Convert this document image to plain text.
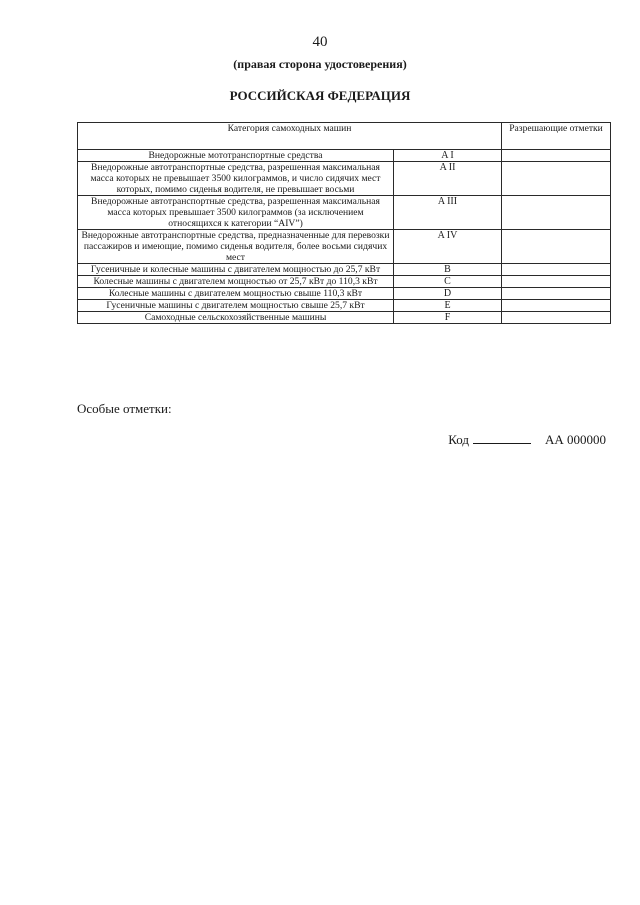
40
(правая сторона удостоверения)
РОССИЙСКАЯ ФЕДЕРАЦИЯ
Категория самоходных машин		Разрешающие отметки
Внедорожные мототранспортные средства	A I	
Внедорожные автотранспортные средства, разрешенная максимальная масса которых не превышает 3500 килограммов, и число сидячих мест которых, помимо сиденья водителя, не превышает восьми	A II	
Внедорожные автотранспортные средства, разрешенная максимальная масса которых превышает 3500 килограммов (за исключением относящихся к категории “AIV”)	A III	
Внедорожные автотранспортные средства, предназначенные для перевозки пассажиров и имеющие, помимо сиденья водителя, более восьми сидячих мест	A IV	
Гусеничные и колесные машины с двигателем мощностью до 25,7 кВт	B	
Колесные машины с двигателем мощностью от 25,7 кВт до 110,3 кВт	C	
Колесные машины с двигателем мощностью свыше 110,3 кВт	D	
Гусеничные машины с двигателем мощностью свыше 25,7 кВт	E	
Самоходные сельскохозяйственные машины	F	
Особые отметки:
Код	АА 000000
